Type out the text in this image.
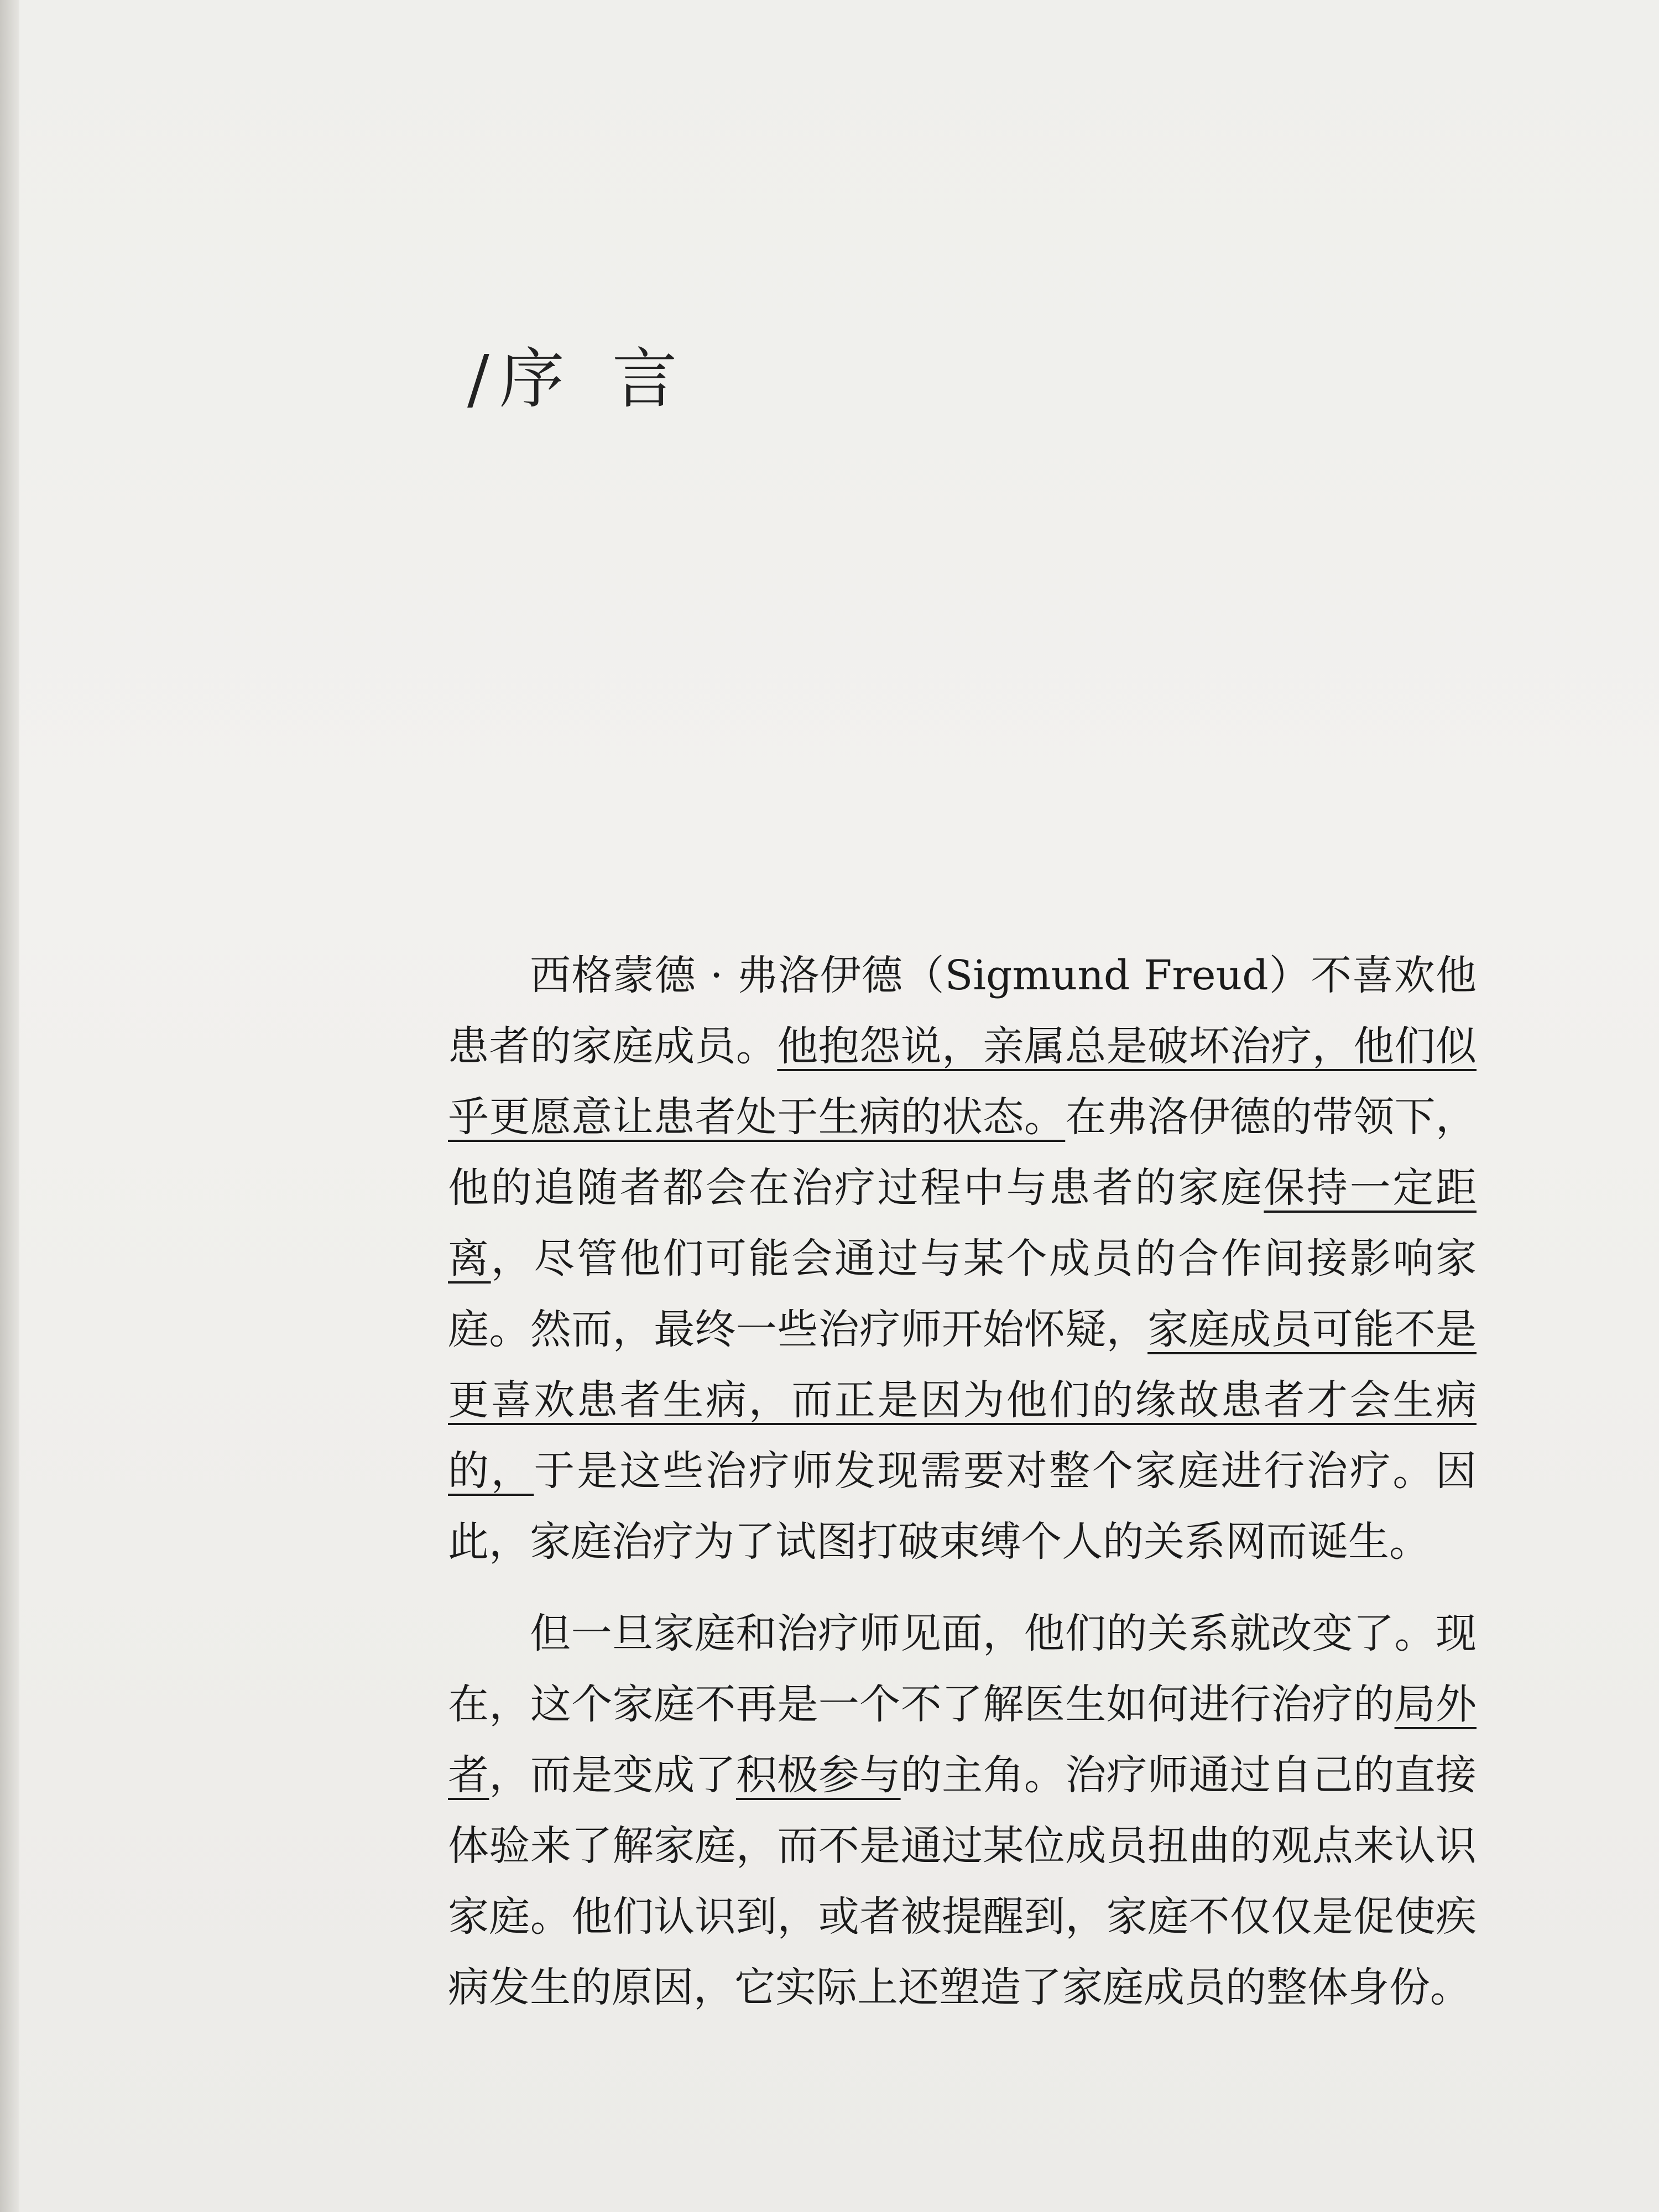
/ 序 言

西格蒙德 · 弗洛伊德（Sigmund Freud）不喜欢他患者的家庭成员。他抱怨说，亲属总是破坏治疗，他们似乎更愿意让患者处于生病的状态。在弗洛伊德的带领下，他的追随者都会在治疗过程中与患者的家庭保持一定距离，尽管他们可能会通过与某个成员的合作间接影响家庭。然而，最终一些治疗师开始怀疑，家庭成员可能不是更喜欢患者生病，而正是因为他们的缘故患者才会生病的，于是这些治疗师发现需要对整个家庭进行治疗。因此，家庭治疗为了试图打破束缚个人的关系网而诞生。

但一旦家庭和治疗师见面，他们的关系就改变了。现在，这个家庭不再是一个不了解医生如何进行治疗的局外者，而是变成了积极参与的主角。治疗师通过自己的直接体验来了解家庭，而不是通过某位成员扭曲的观点来认识家庭。他们认识到，或者被提醒到，家庭不仅仅是促使疾病发生的原因，它实际上还塑造了家庭成员的整体身份。
